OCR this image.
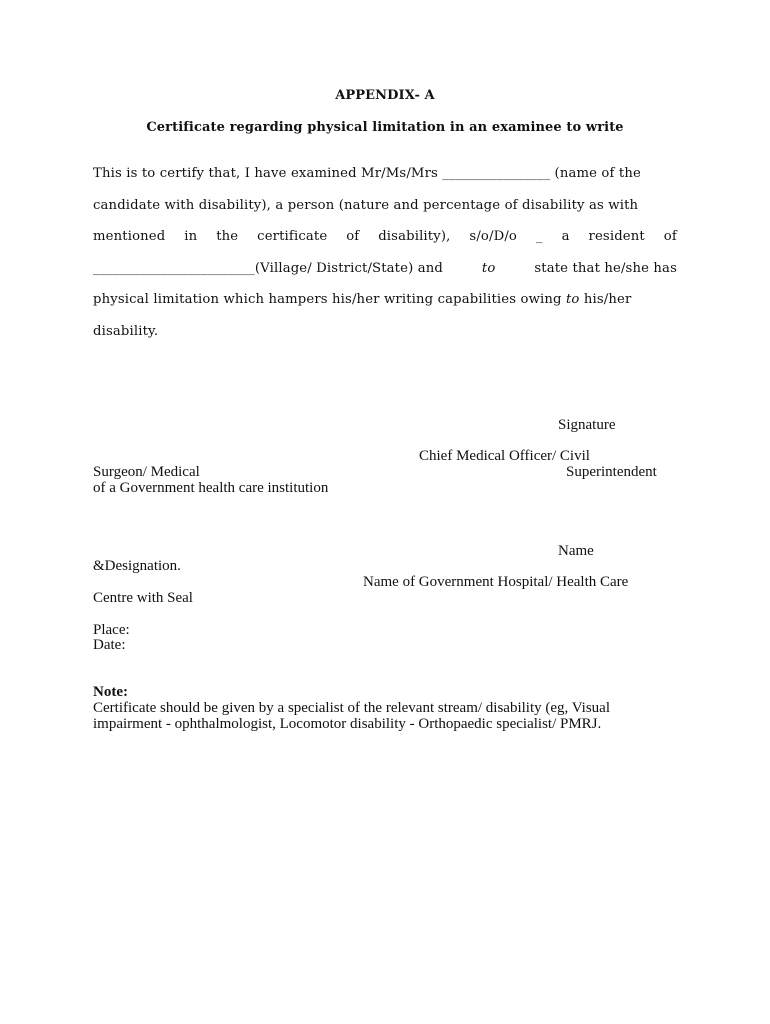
APPENDIX- A
Certificate regarding physical limitation in an examinee to write
This is to certify that, I have examined Mr/Ms/Mrs ________________ (name of the
candidate with disability), a person (nature and percentage of disability as with
mentioned in the certificate of disability), s/o/D/o _ a resident of
________________________(Village/ District/State) and	to	state that he/she has
physical limitation which hampers his/her writing capabilities owing to his/her
disability.
Signature
Chief Medical Officer/ Civil
Surgeon/ Medical	Superintendent
of a Government health care institution
Name
&Designation.
Name of Government Hospital/ Health Care
Centre with Seal
Place:
Date:
Note:
Certificate should be given by a specialist of the relevant stream/ disability (eg, Visual
impairment - ophthalmologist, Locomotor disability - Orthopaedic specialist/ PMRJ.
